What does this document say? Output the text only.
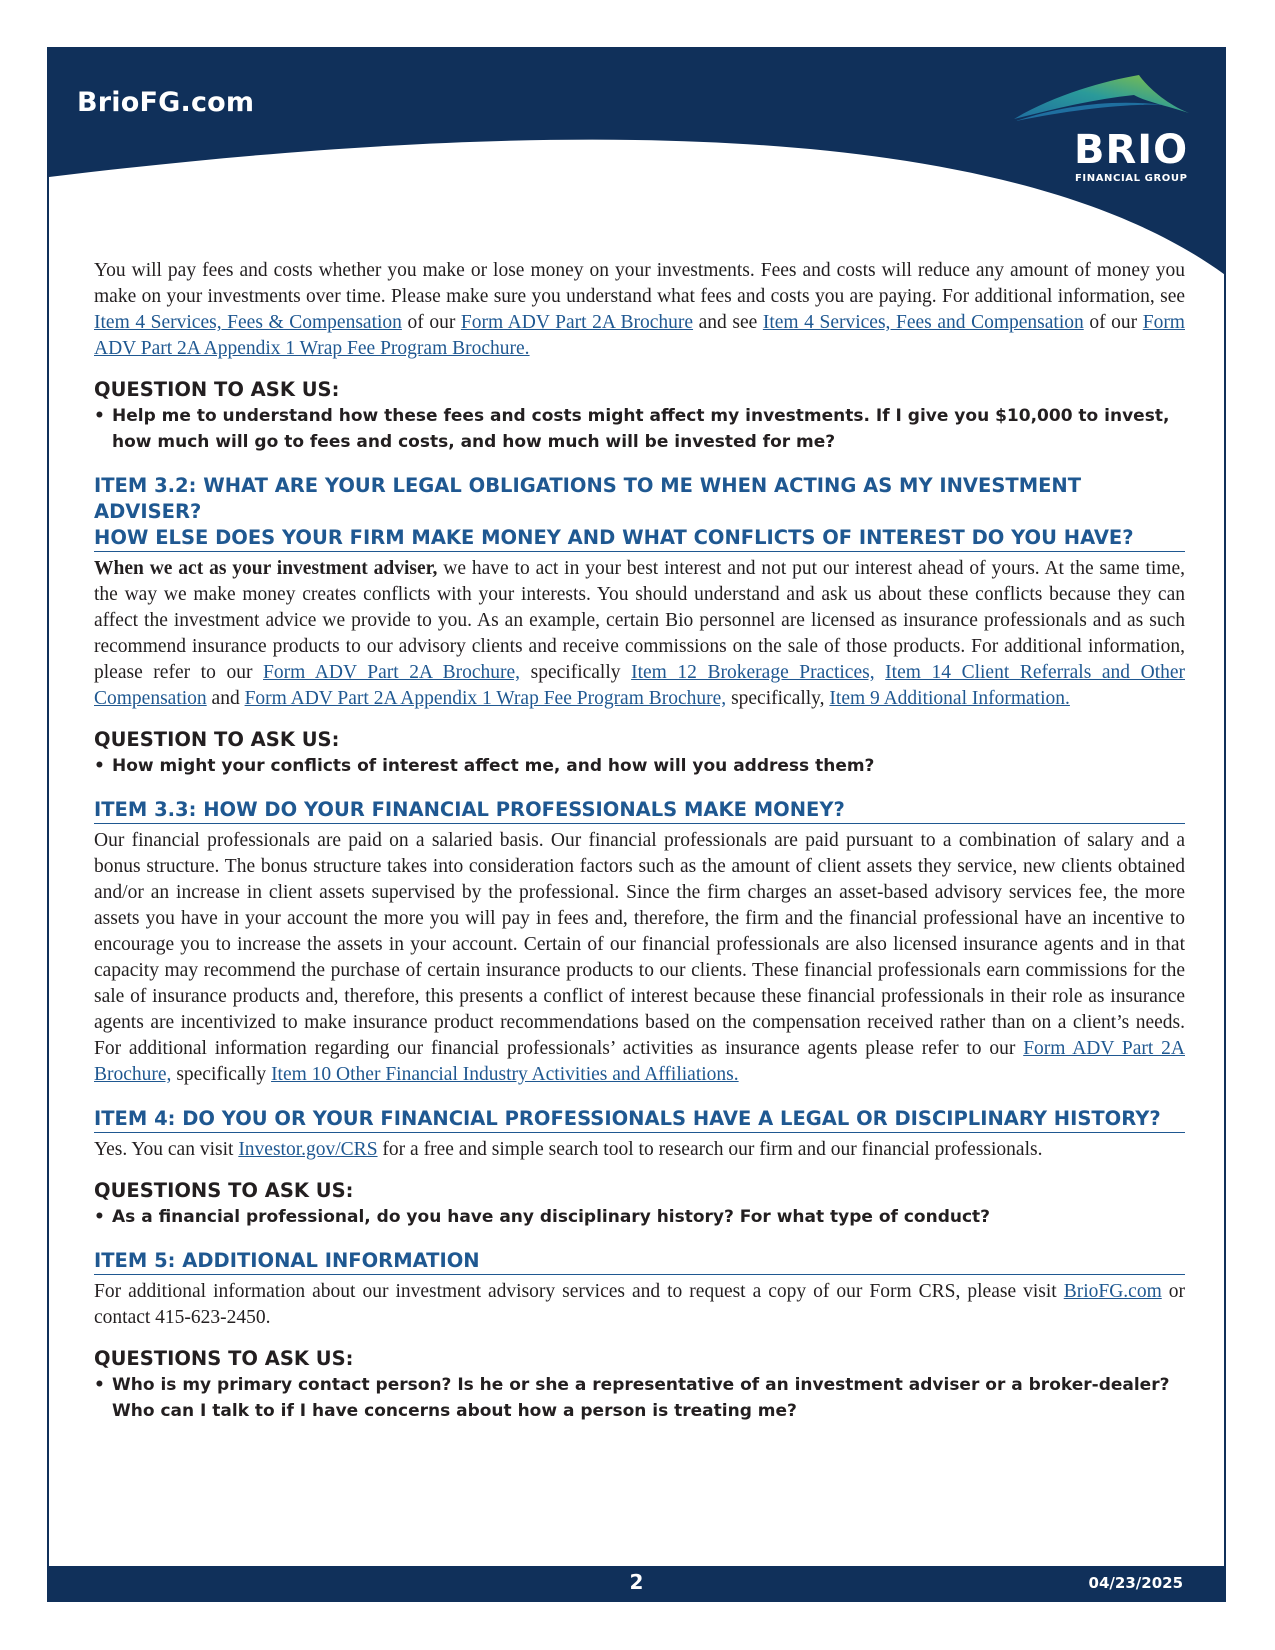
BrioFG.com
BRIO
FINANCIAL GROUP

You will pay fees and costs whether you make or lose money on your investments. Fees and costs will reduce any amount of money you make on your investments over time. Please make sure you understand what fees and costs you are paying. For additional information, see Item 4 Services, Fees & Compensation of our Form ADV Part 2A Brochure and see Item 4 Services, Fees and Compensation of our Form ADV Part 2A Appendix 1 Wrap Fee Program Brochure.

QUESTION TO ASK US:
• Help me to understand how these fees and costs might affect my investments. If I give you $10,000 to invest,
how much will go to fees and costs, and how much will be invested for me?
ITEM 3.2: WHAT ARE YOUR LEGAL OBLIGATIONS TO ME WHEN ACTING AS MY INVESTMENT ADVISER?
HOW ELSE DOES YOUR FIRM MAKE MONEY AND WHAT CONFLICTS OF INTEREST DO YOU HAVE?

When we act as your investment adviser, we have to act in your best interest and not put our interest ahead of yours. At the same time, the way we make money creates conflicts with your interests. You should understand and ask us about these conflicts because they can affect the investment advice we provide to you. As an example, certain Bio personnel are licensed as insurance professionals and as such recommend insurance products to our advisory clients and receive commissions on the sale of those products. For additional information, please refer to our Form ADV Part 2A Brochure, specifically Item 12 Brokerage Practices, Item 14 Client Referrals and Other Compensation and Form ADV Part 2A Appendix 1 Wrap Fee Program Brochure, specifically, Item 9 Additional Information.

QUESTION TO ASK US:
• How might your conflicts of interest affect me, and how will you address them?
ITEM 3.3: HOW DO YOUR FINANCIAL PROFESSIONALS MAKE MONEY?

Our financial professionals are paid on a salaried basis. Our financial professionals are paid pursuant to a combination of salary and a bonus structure. The bonus structure takes into consideration factors such as the amount of client assets they service, new clients obtained and/or an increase in client assets supervised by the professional. Since the firm charges an asset-based advisory services fee, the more assets you have in your account the more you will pay in fees and, therefore, the firm and the financial professional have an incentive to encourage you to increase the assets in your account. Certain of our financial professionals are also licensed insurance agents and in that capacity may recommend the purchase of certain insurance products to our clients. These financial professionals earn commissions for the sale of insurance products and, therefore, this presents a conflict of interest because these financial professionals in their role as insurance agents are incentivized to make insurance product recommendations based on the compensation received rather than on a client’s needs. For additional information regarding our financial professionals’ activities as insurance agents please refer to our Form ADV Part 2A Brochure, specifically Item 10 Other Financial Industry Activities and Affiliations.

ITEM 4: DO YOU OR YOUR FINANCIAL PROFESSIONALS HAVE A LEGAL OR DISCIPLINARY HISTORY?

Yes. You can visit Investor.gov/CRS for a free and simple search tool to research our firm and our financial professionals.

QUESTIONS TO ASK US:
• As a financial professional, do you have any disciplinary history? For what type of conduct?
ITEM 5: ADDITIONAL INFORMATION

For additional information about our investment advisory services and to request a copy of our Form CRS, please visit BrioFG.com or contact 415-623-2450.

QUESTIONS TO ASK US:
• Who is my primary contact person? Is he or she a representative of an investment adviser or a broker-dealer?
Who can I talk to if I have concerns about how a person is treating me?
2	04/23/2025
